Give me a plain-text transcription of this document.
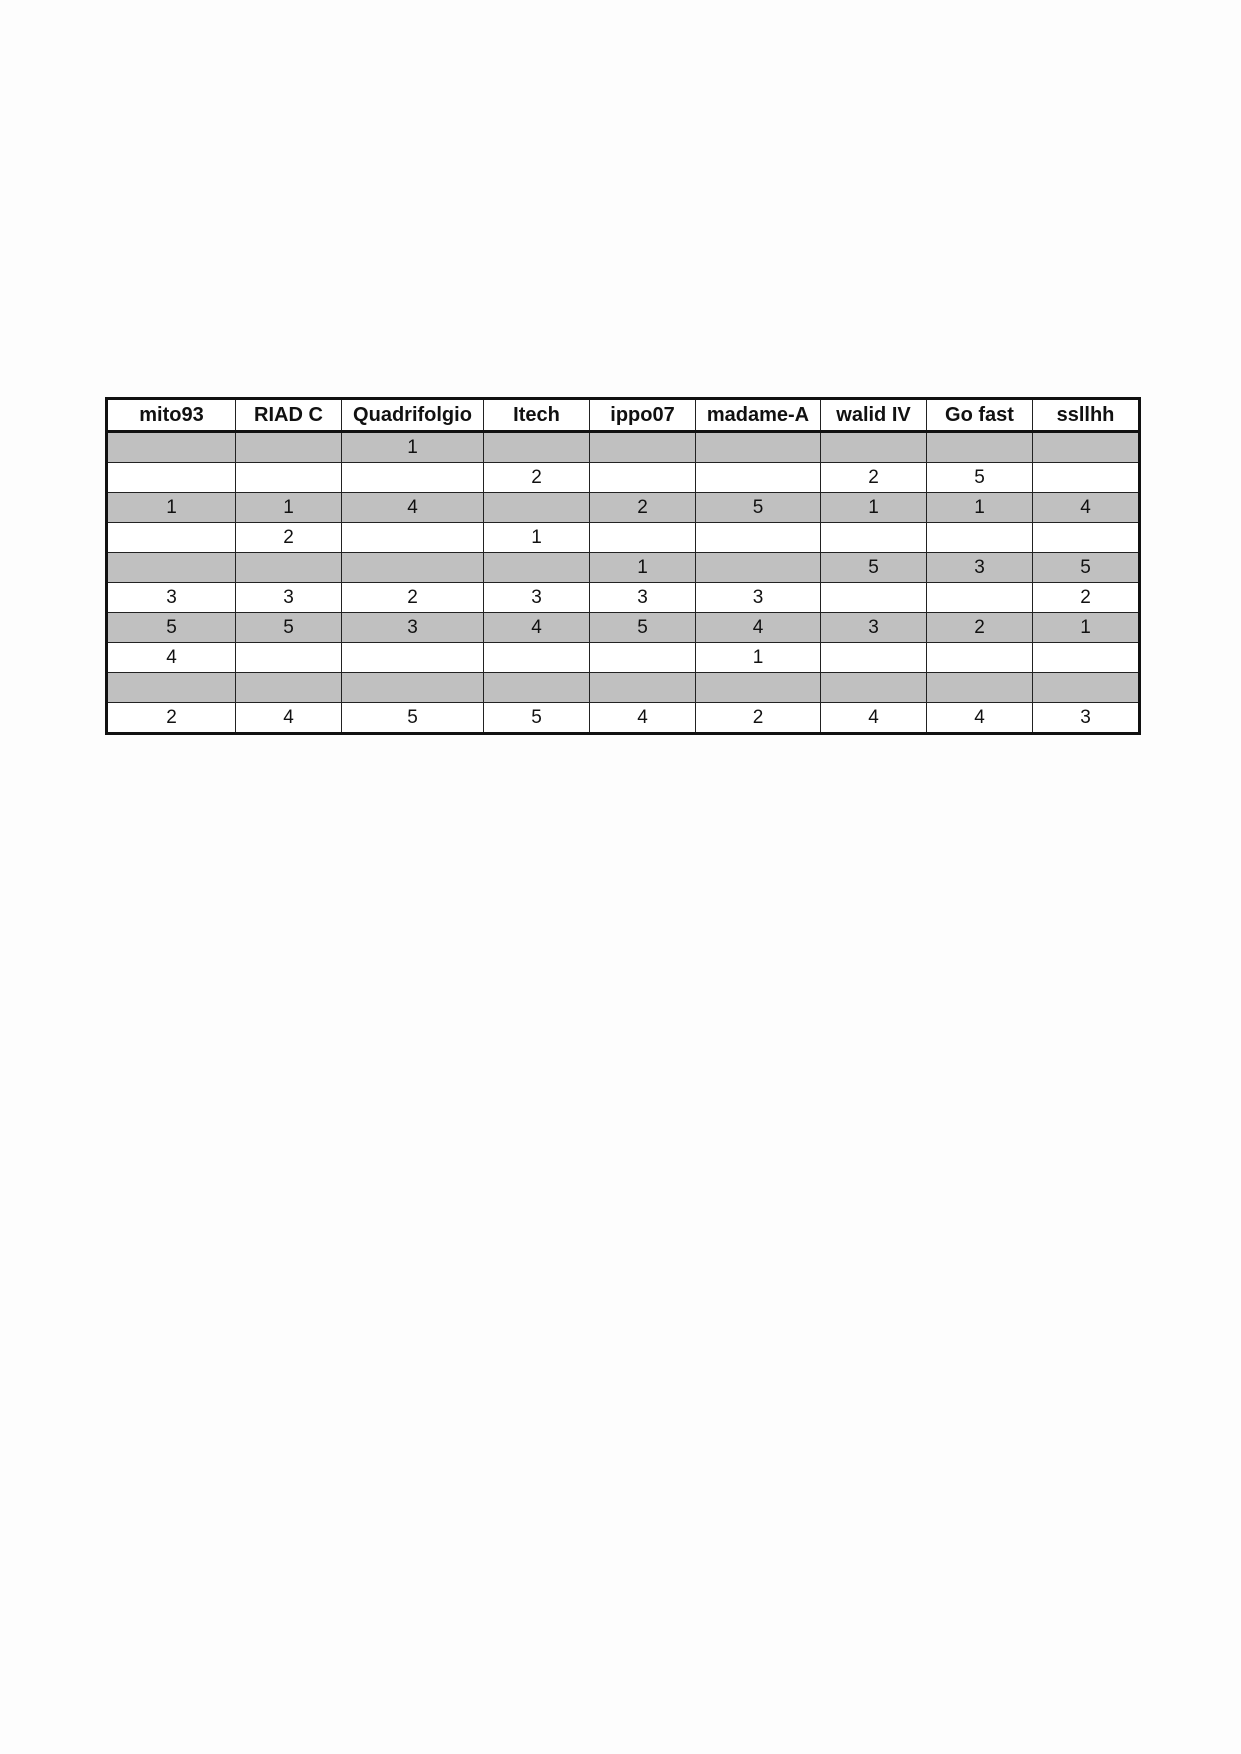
mito93	RIAD C	Quadrifolgio	Itech	ippo07	madame-A	walid IV	Go fast	ssllhh
		1						
			2			2	5	
1	1	4		2	5	1	1	4
	2		1					
				1		5	3	5
3	3	2	3	3	3			2
5	5	3	4	5	4	3	2	1
4					1			

2	4	5	5	4	2	4	4	3
